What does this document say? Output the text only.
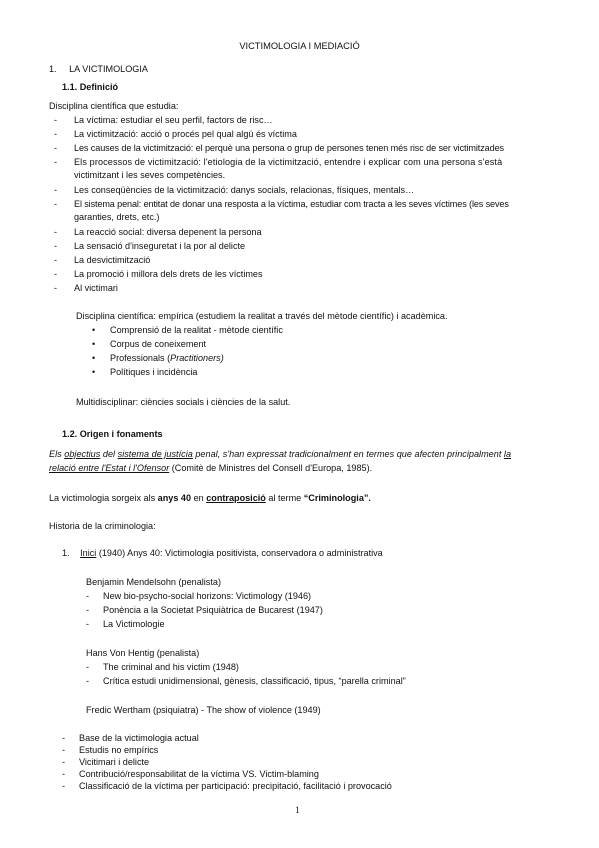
VICTIMOLOGIA I MEDIACIÓ
1. LA VICTIMOLOGIA
1.1. Definició
Disciplina científica que estudia:
- La víctima: estudiar el seu perfil, factors de risc…
- La victimització: acció o procés pel qual algú és víctima
- Les causes de la victimització: el perquè una persona o grup de persones tenen més risc de ser victimitzades
- Els processos de victimització: l'etiologia de la victimització, entendre i explicar com una persona s'està
victimitzant i les seves competències.
- Les conseqüències de la victimització: danys socials, relacionas, físiques, mentals…
- El sistema penal: entitat de donar una resposta a la víctima, estudiar com tracta a les seves víctimes (les seves
garanties, drets, etc.)
- La reacció social: diversa depenent la persona
- La sensació d'inseguretat i la por al delicte
- La desvictimització
- La promoció i millora dels drets de les víctimes
- Al victimari
Disciplina científica: empírica (estudiem la realitat a través del mètode científic) i acadèmica.
• Comprensió de la realitat - mètode científic
• Corpus de coneixement
• Professionals (Practitioners)
• Polítiques i incidència
Multidisciplinar: ciències socials i ciències de la salut.
1.2. Origen i fonaments
Els objectius del sistema de justícia penal, s'han expressat tradicionalment en termes que afecten principalment la
relació entre l'Estat i l'Ofensor (Comitè de Ministres del Consell d'Europa, 1985).
La victimologia sorgeix als anys 40 en contraposició al terme “Criminologia”.
Historia de la criminologia:
1. Inici (1940) Anys 40: Victimologia positivista, conservadora o administrativa
Benjamin Mendelsohn (penalista)
- New bio-psycho-social horizons: Victimology (1946)
- Ponència a la Societat Psiquiàtrica de Bucarest (1947)
- La Victimologie
Hans Von Hentig (penalista)
- The criminal and his victim (1948)
- Crítica estudi unidimensional, gènesis, classificació, tipus, “parella criminal”
Fredic Wertham (psiquiatra) - The show of violence (1949)
- Base de la victimologia actual
- Estudis no empírics
- Vicitimari i delicte
- Contribució/responsabilitat de la víctima VS. Victim-blaming
- Classificació de la víctima per participació: precipitació, facilitació i provocació
1
